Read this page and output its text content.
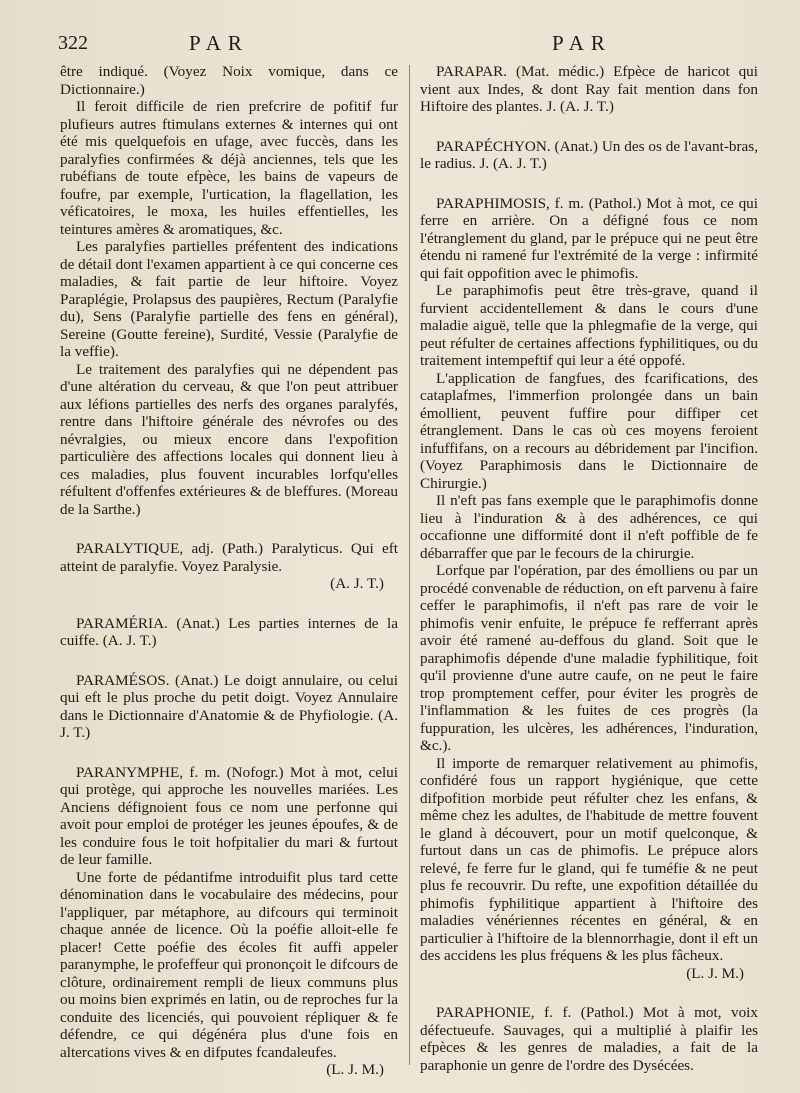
322	PAR	PAR

être indiqué. (Voyez Noix vomique, dans ce Dictionnaire.)

Il feroit difficile de rien prefcrire de pofitif fur plufieurs autres ftimulans externes & internes qui ont été mis quelquefois en ufage, avec fuccès, dans les paralyfies confirmées & déjà anciennes, tels que les rubéfians de toute efpèce, les bains de vapeurs de foufre, par exemple, l'urtication, la flagellation, les véficatoires, le moxa, les huiles effentielles, les teintures amères & aromatiques, &c.

Les paralyfies partielles préfentent des indications de détail dont l'examen appartient à ce qui concerne ces maladies, & fait partie de leur hiftoire. Voyez Paraplégie, Prolapsus des paupières, Rectum (Paralyfie du), Sens (Paralyfie partielle des fens en général), Sereine (Goutte fereine), Surdité, Vessie (Paralyfie de la veffie).

Le traitement des paralyfies qui ne dépendent pas d'une altération du cerveau, & que l'on peut attribuer aux léfions partielles des nerfs des organes paralyfés, rentre dans l'hiftoire générale des névrofes ou des névralgies, ou mieux encore dans l'expofition particulière des affections locales qui donnent lieu à ces maladies, plus fouvent incurables lorfqu'elles réfultent d'offenfes extérieures & de bleffures. (Moreau de la Sarthe.)

PARALYTIQUE, adj. (Path.) Paralyticus. Qui eft atteint de paralyfie. Voyez Paralysie.

(A. J. T.)

PARAMÉRIA. (Anat.) Les parties internes de la cuiffe. (A. J. T.)

PARAMÉSOS. (Anat.) Le doigt annulaire, ou celui qui eft le plus proche du petit doigt. Voyez Annulaire dans le Dictionnaire d'Anatomie & de Phyfiologie. (A. J. T.)

PARANYMPHE, f. m. (Nofogr.) Mot à mot, celui qui protège, qui approche les nouvelles mariées. Les Anciens défignoient fous ce nom une perfonne qui avoit pour emploi de protéger les jeunes époufes, & de les conduire fous le toit hofpitalier du mari & furtout de leur famille.

Une forte de pédantifme introduifit plus tard cette dénomination dans le vocabulaire des médecins, pour l'appliquer, par métaphore, au difcours qui terminoit chaque année de licence. Où la poéfie alloit-elle fe placer! Cette poéfie des écoles fit auffi appeler paranymphe, le profeffeur qui prononçoit le difcours de clôture, ordinairement rempli de lieux communs plus ou moins bien exprimés en latin, ou de reproches fur la conduite des licenciés, qui pouvoient répliquer & fe défendre, ce qui dégénéra plus d'une fois en altercations vives & en difputes fcandaleufes.

(L. J. M.)

PARAPAR. (Mat. médic.) Efpèce de haricot qui vient aux Indes, & dont Ray fait mention dans fon Hiftoire des plantes. J. (A. J. T.)

PARAPÉCHYON. (Anat.) Un des os de l'avant-bras, le radius. J. (A. J. T.)

PARAPHIMOSIS, f. m. (Pathol.) Mot à mot, ce qui ferre en arrière. On a défigné fous ce nom l'étranglement du gland, par le prépuce qui ne peut être étendu ni ramené fur l'extrémité de la verge : infirmité qui fait oppofition avec le phimofis.

Le paraphimofis peut être très-grave, quand il furvient accidentellement & dans le cours d'une maladie aiguë, telle que la phlegmafie de la verge, qui peut réfulter de certaines affections fyphilitiques, ou du traitement intempeftif qui leur a été oppofé.

L'application de fangfues, des fcarifications, des cataplafmes, l'immerfion prolongée dans un bain émollient, peuvent fuffire pour diffiper cet étranglement. Dans le cas où ces moyens feroient infuffifans, on a recours au débridement par l'incifion. (Voyez Paraphimosis dans le Dictionnaire de Chirurgie.)

Il n'eft pas fans exemple que le paraphimofis donne lieu à l'induration & à des adhérences, ce qui occafionne une difformité dont il n'eft poffible de fe débarraffer que par le fecours de la chirurgie.

Lorfque par l'opération, par des émolliens ou par un procédé convenable de réduction, on eft parvenu à faire ceffer le paraphimofis, il n'eft pas rare de voir le phimofis venir enfuite, le prépuce fe refferrant après avoir été ramené au-deffous du gland. Soit que le paraphimofis dépende d'une maladie fyphilitique, foit qu'il provienne d'une autre caufe, on ne peut le faire trop promptement ceffer, pour éviter les progrès de l'inflammation & les fuites de ces progrès (la fuppuration, les ulcères, les adhérences, l'induration, &c.).

Il importe de remarquer relativement au phimofis, confidéré fous un rapport hygiénique, que cette difpofition morbide peut réfulter chez les enfans, & même chez les adultes, de l'habitude de mettre fouvent le gland à découvert, pour un motif quelconque, & furtout dans un cas de phimofis. Le prépuce alors relevé, fe ferre fur le gland, qui fe tuméfie & ne peut plus fe recouvrir. Du refte, une expofition détaillée du phimofis fyphilitique appartient à l'hiftoire des maladies vénériennes récentes en général, & en particulier à l'hiftoire de la blennorrhagie, dont il eft un des accidens les plus fréquens & les plus fâcheux.

(L. J. M.)

PARAPHONIE, f. f. (Pathol.) Mot à mot, voix défectueufe. Sauvages, qui a multiplié à plaifir les efpèces & les genres de maladies, a fait de la paraphonie un genre de l'ordre des Dysécées.
